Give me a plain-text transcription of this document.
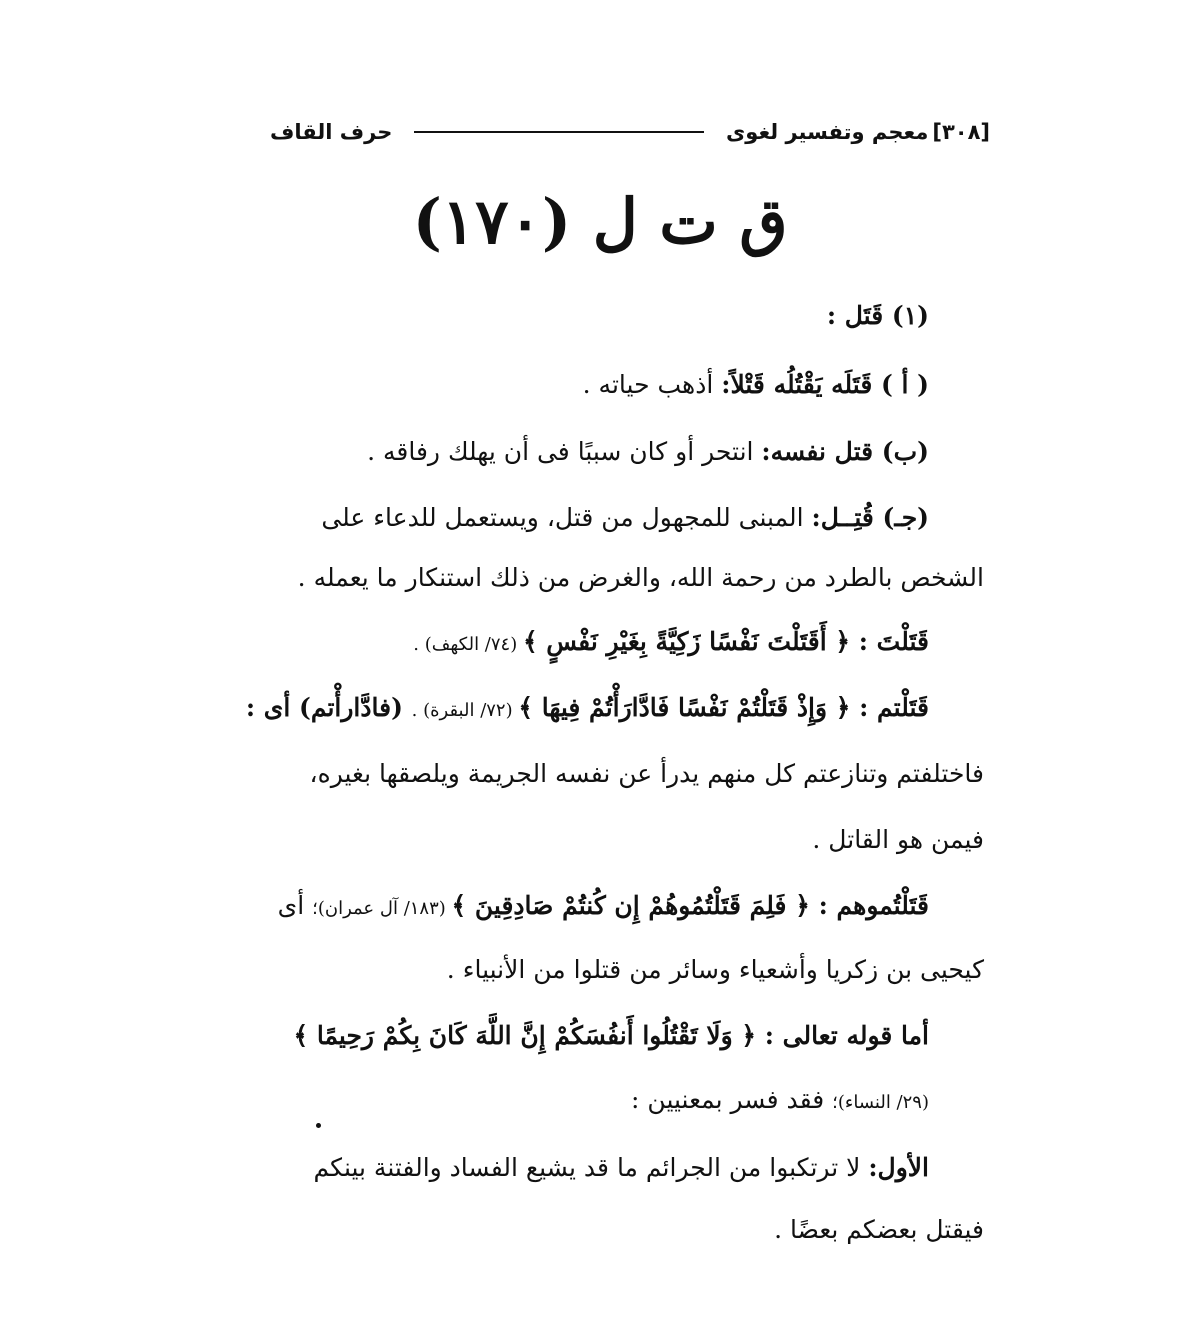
[٣٠٨]
معجم وتفسير لغوى
حرف القاف
ق ت ل (١٧٠)
(١) قَتَل :
( أ ) قَتَلَه يَقْتُلُه قَتْلاً: أذهب حياته .
(ب) قتل نفسه: انتحر أو كان سببًا فى أن يهلك رفاقه .
(جـ) قُتِــل: المبنى للمجهول من قتل، ويستعمل للدعاء على
الشخص بالطرد من رحمة الله، والغرض من ذلك استنكار ما يعمله .
قَتَلْتَ : ﴿ أَقَتَلْتَ نَفْسًا زَكِيَّةً بِغَيْرِ نَفْسٍ ﴾ (٧٤/ الكهف) .
قَتَلْتم : ﴿ وَإِذْ قَتَلْتُمْ نَفْسًا فَادَّارَأْتُمْ فِيهَا ﴾ (٧٢/ البقرة) . (فادَّارأْتم) أى :
فاختلفتم وتنازعتم كل منهم يدرأ عن نفسه الجريمة ويلصقها بغيره،
فيمن هو القاتل .
قَتَلْتُموهم : ﴿ فَلِمَ قَتَلْتُمُوهُمْ إِن كُنتُمْ صَادِقِينَ ﴾ (١٨٣/ آل عمران)؛ أى
كيحيى بن زكريا وأشعياء وسائر من قتلوا من الأنبياء .
أما قوله تعالى : ﴿ وَلَا تَقْتُلُوا أَنفُسَكُمْ إِنَّ اللَّهَ كَانَ بِكُمْ رَحِيمًا ﴾
(٢٩/ النساء)؛ فقد فسر بمعنيين :
الأول: لا ترتكبوا من الجرائم ما قد يشيع الفساد والفتنة بينكم
فيقتل بعضكم بعضًا .
